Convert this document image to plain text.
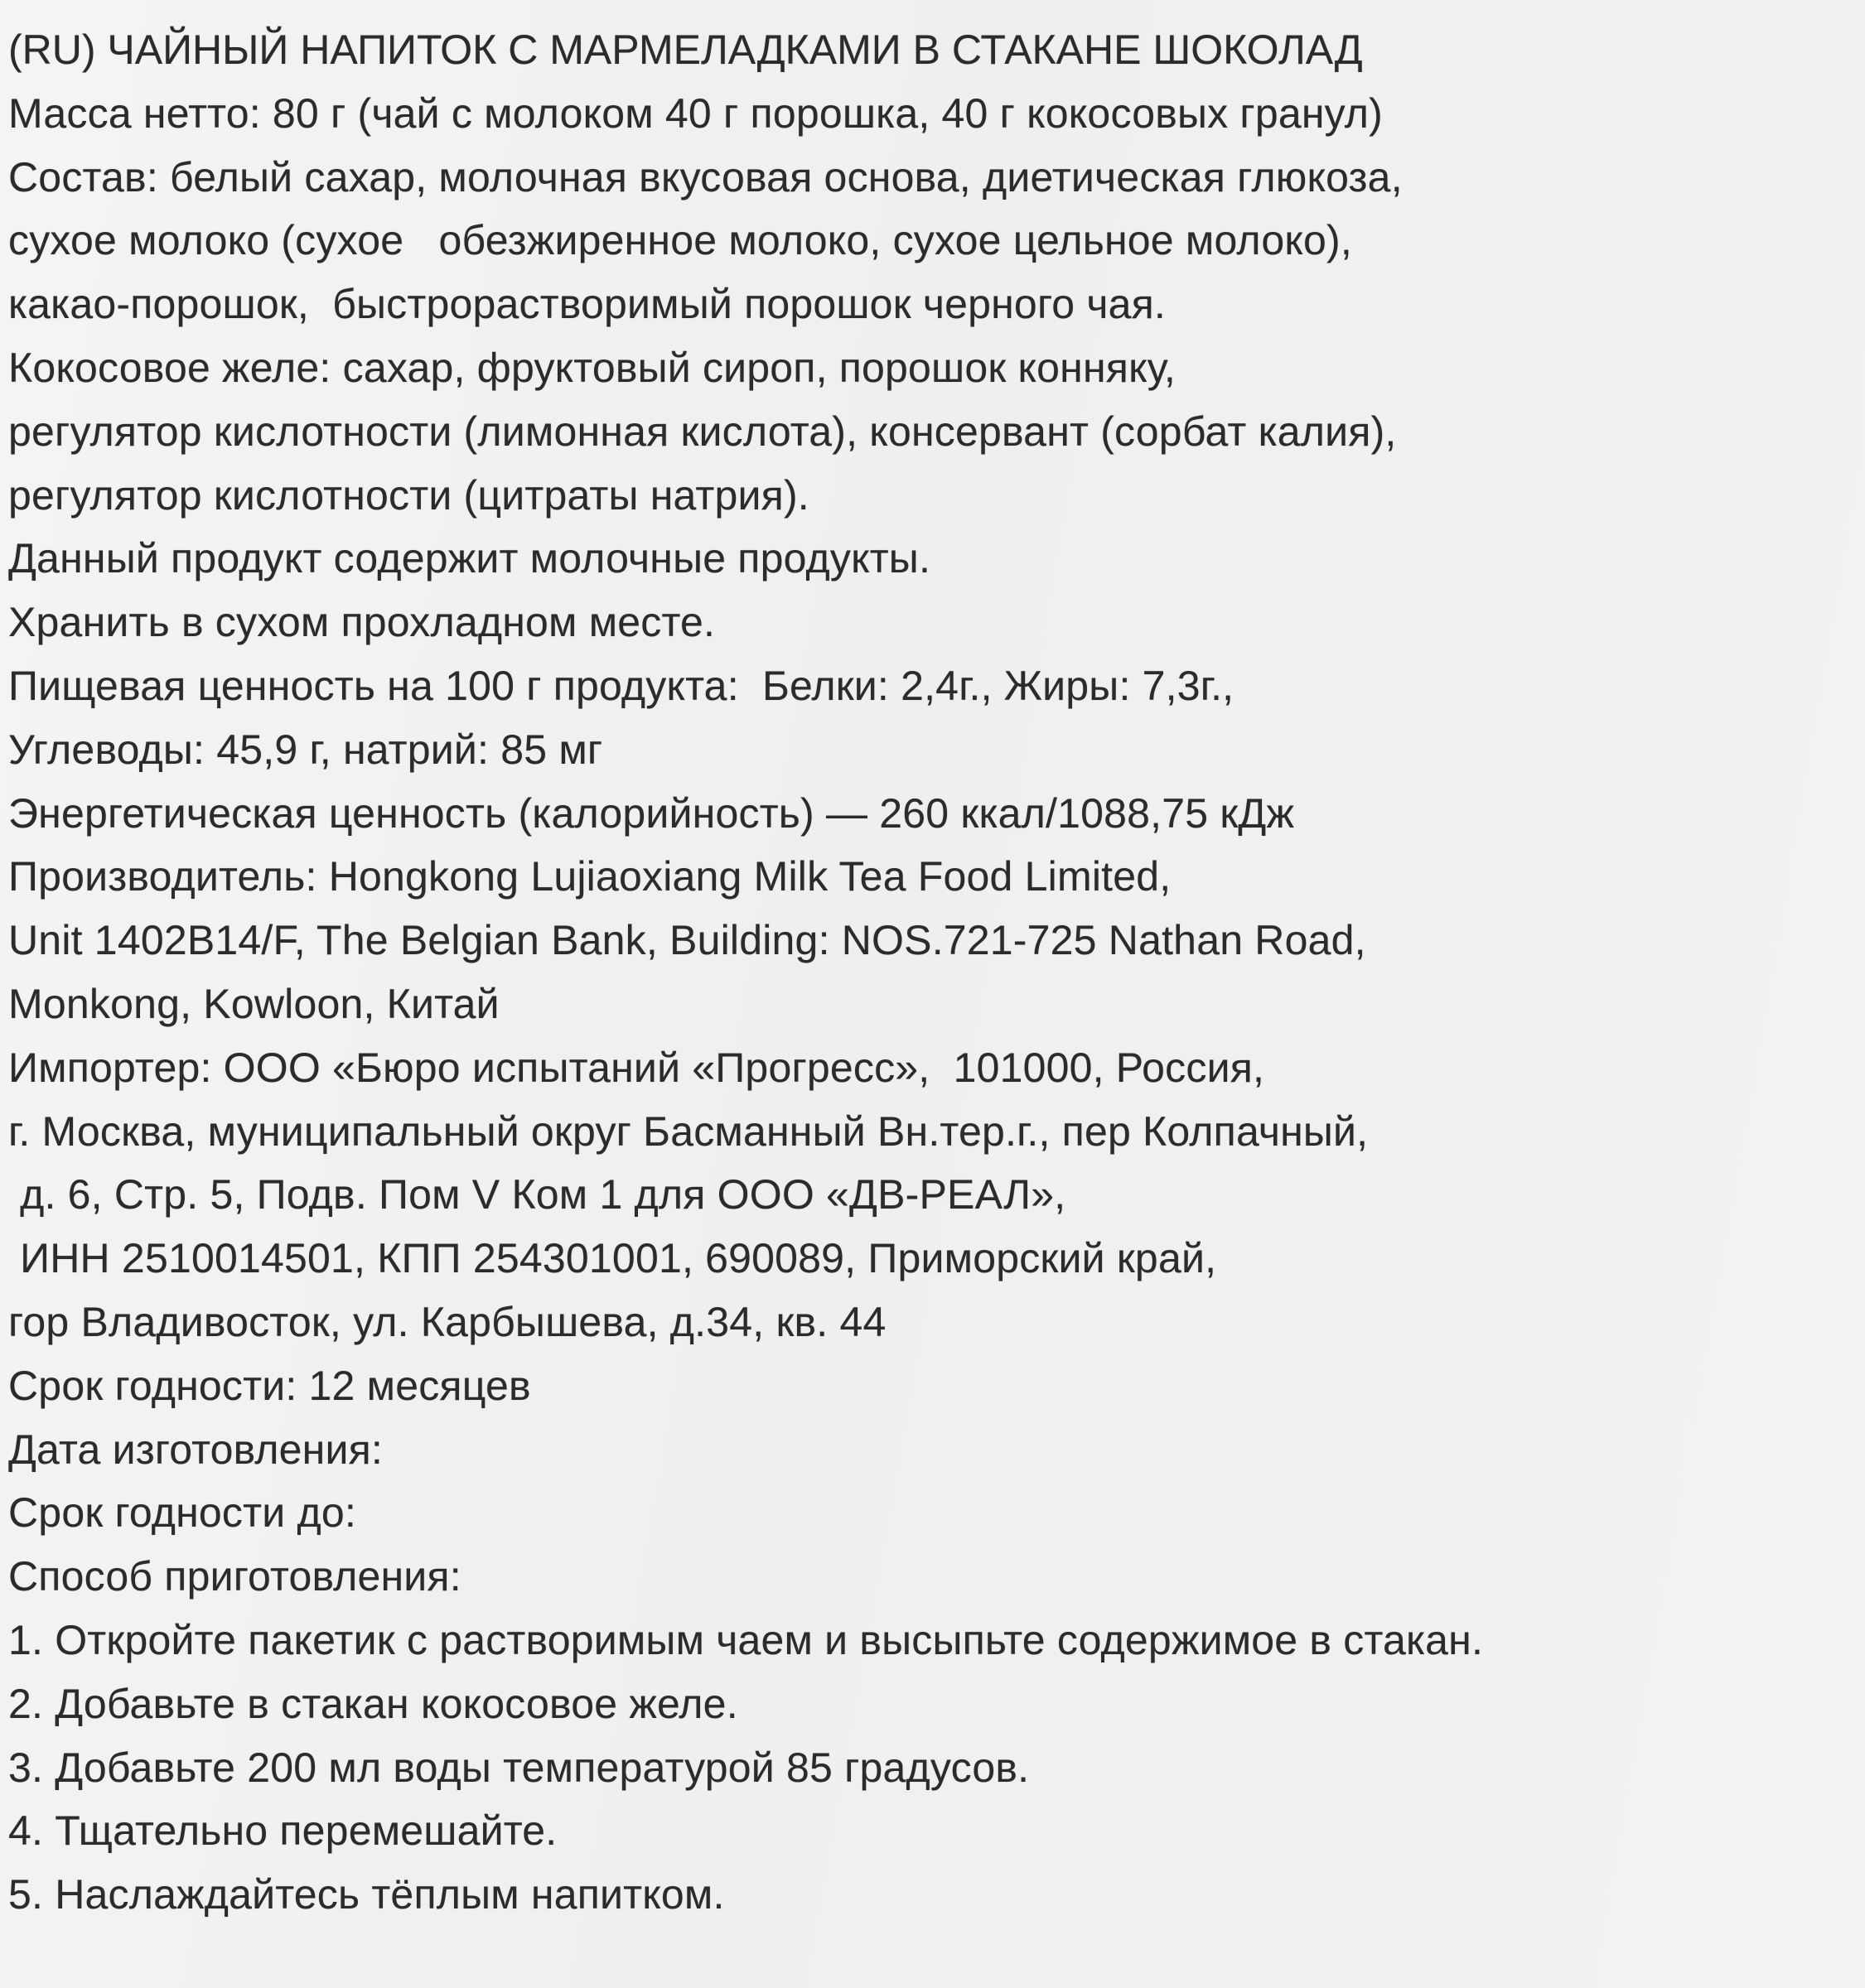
(RU) ЧАЙНЫЙ НАПИТОК С МАРМЕЛАДКАМИ В СТАКАНЕ ШОКОЛАД
Масса нетто: 80 г (чай с молоком 40 г порошка, 40 г кокосовых гранул)
Состав: белый сахар, молочная вкусовая основа, диетическая глюкоза,
сухое молоко (сухое   обезжиренное молоко, сухое цельное молоко),
какао-порошок,  быстрорастворимый порошок черного чая.
Кокосовое желе: сахар, фруктовый сироп, порошок конняку,
регулятор кислотности (лимонная кислота), консервант (сорбат калия),
регулятор кислотности (цитраты натрия).
Данный продукт содержит молочные продукты.
Хранить в сухом прохладном месте.
Пищевая ценность на 100 г продукта:  Белки: 2,4г., Жиры: 7,3г.,
Углеводы: 45,9 г, натрий: 85 мг
Энергетическая ценность (калорийность) — 260 ккал/1088,75 кДж
Производитель: Hongkong Lujiaoxiang Milk Tea Food Limited,
Unit 1402B14/F, The Belgian Bank, Building: NOS.721-725 Nathan Road,
Monkong, Kowloon, Китай
Импортер: ООО «Бюро испытаний «Прогресс»,  101000, Россия,
г. Москва, муниципальный округ Басманный Вн.тер.г., пер Колпачный,
д. 6, Стр. 5, Подв. Пом V Ком 1 для ООО «ДВ-РЕАЛ»,
ИНН 2510014501, КПП 254301001, 690089, Приморский край,
гор Владивосток, ул. Карбышева, д.34, кв. 44
Срок годности: 12 месяцев
Дата изготовления:
Срок годности до:
Способ приготовления:
1. Откройте пакетик с растворимым чаем и высыпьте содержимое в стакан.
2. Добавьте в стакан кокосовое желе.
3. Добавьте 200 мл воды температурой 85 градусов.
4. Тщательно перемешайте.
5. Наслаждайтесь тёплым напитком.
